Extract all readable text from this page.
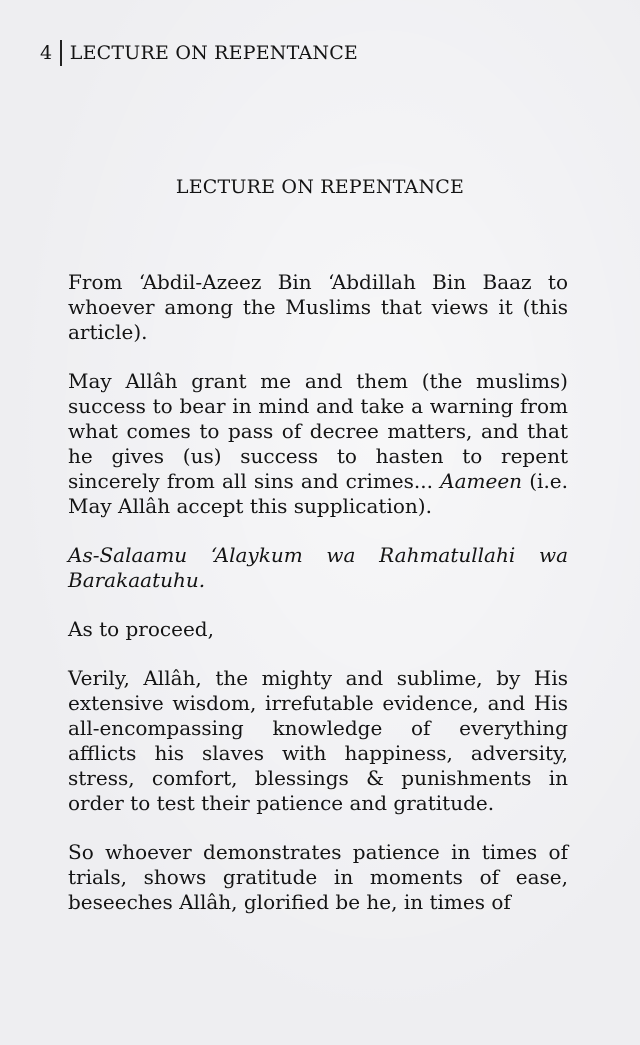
4 LECTURE ON REPENTANCE
LECTURE ON REPENTANCE

From ‘Abdil-Azeez Bin ‘Abdillah Bin Baaz to whoever among the Muslims that views it (this article).

May Allâh grant me and them (the muslims) success to bear in mind and take a warning from what comes to pass of decree matters, and that he gives (us) success to hasten to repent sincerely from all sins and crimes... Aameen (i.e. May Allâh accept this supplication).

As-Salaamu ‘Alaykum wa Rahmatullahi wa Barakaatuhu.

As to proceed,

Verily, Allâh, the mighty and sublime, by His extensive wisdom, irrefutable evidence, and His all-encompassing knowledge of everything afflicts his slaves with happiness, adversity, stress, comfort, blessings & punishments in order to test their patience and gratitude.

So whoever demonstrates patience in times of trials, shows gratitude in moments of ease, beseeches Allâh, glorified be he, in times of
